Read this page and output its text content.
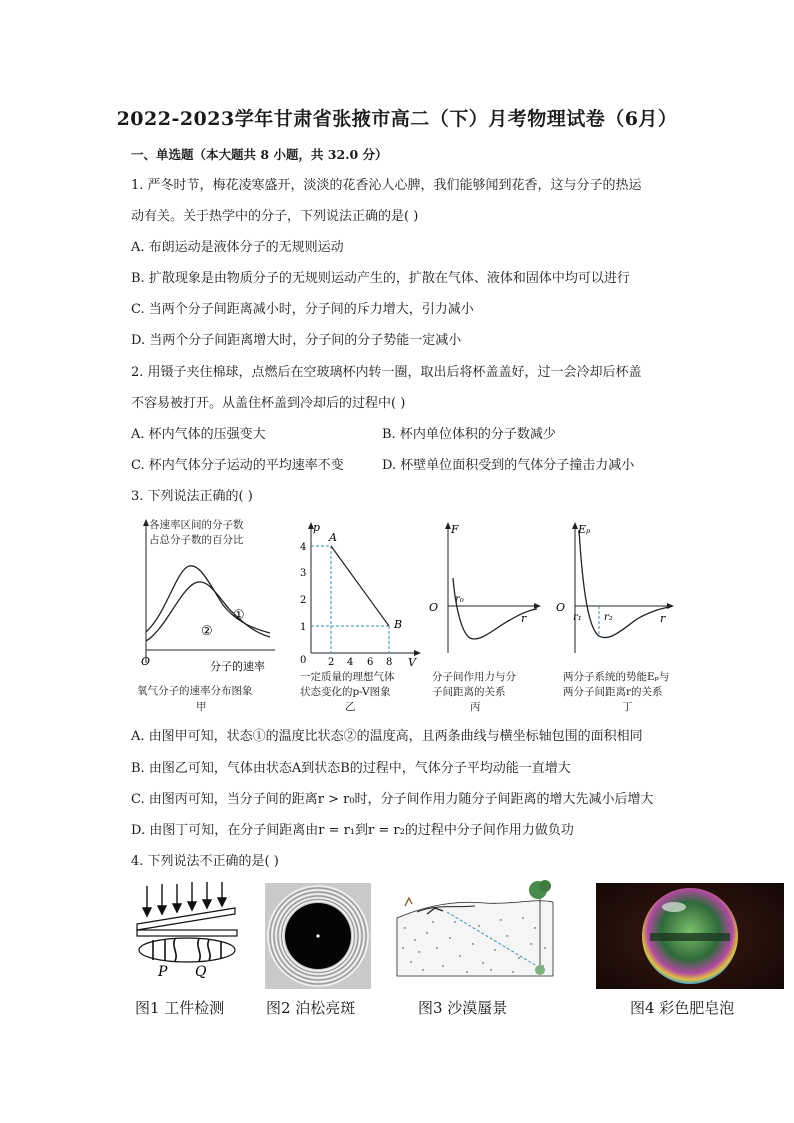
2022-2023学年甘肃省张掖市高二（下）月考物理试卷（6月）
一、单选题（本大题共 8 小题，共 32.0 分）
1. 严冬时节，梅花凌寒盛开，淡淡的花香沁人心脾，我们能够闻到花香，这与分子的热运
动有关。关于热学中的分子，下列说法正确的是( )
A. 布朗运动是液体分子的无规则运动
B. 扩散现象是由物质分子的无规则运动产生的，扩散在气体、液体和固体中均可以进行
C. 当两个分子间距离减小时，分子间的斥力增大，引力减小
D. 当两个分子间距离增大时，分子间的分子势能一定减小
2. 用镊子夹住棉球，点燃后在空玻璃杯内转一圈，取出后将杯盖盖好，过一会冷却后杯盖
不容易被打开。从盖住杯盖到冷却后的过程中( )
A. 杯内气体的压强变大	B. 杯内单位体积的分子数减少
C. 杯内气体分子运动的平均速率不变	D. 杯壁单位面积受到的气体分子撞击力减小
3. 下列说法正确的( )
①
②
O	分子的速率
各速率区间的分子数
占总分子数的百分比
氧气分子的速率分布图象
甲
p
V
A
B
4
3
2
1
0 2 4 6 8
一定质量的理想气体
状态变化的p-V图象
乙
F
O
r₀
r
分子间作用力与分
子间距离的关系
丙
Eₚ
O
r₁ r₂	r
两分子系统的势能Eₚ与
两分子间距离r的关系
丁
A. 由图甲可知，状态①的温度比状态②的温度高，且两条曲线与横坐标轴包围的面积相同
B. 由图乙可知，气体由状态A到状态B的过程中，气体分子平均动能一直增大
C. 由图丙可知，当分子间的距离r > r₀时，分子间作用力随分子间距离的增大先减小后增大
D. 由图丁可知，在分子间距离由r = r₁到r = r₂的过程中分子间作用力做负功
4. 下列说法不正确的是( )
P Q
图1 工件检测	图2 泊松亮斑	图3 沙漠蜃景	图4 彩色肥皂泡
